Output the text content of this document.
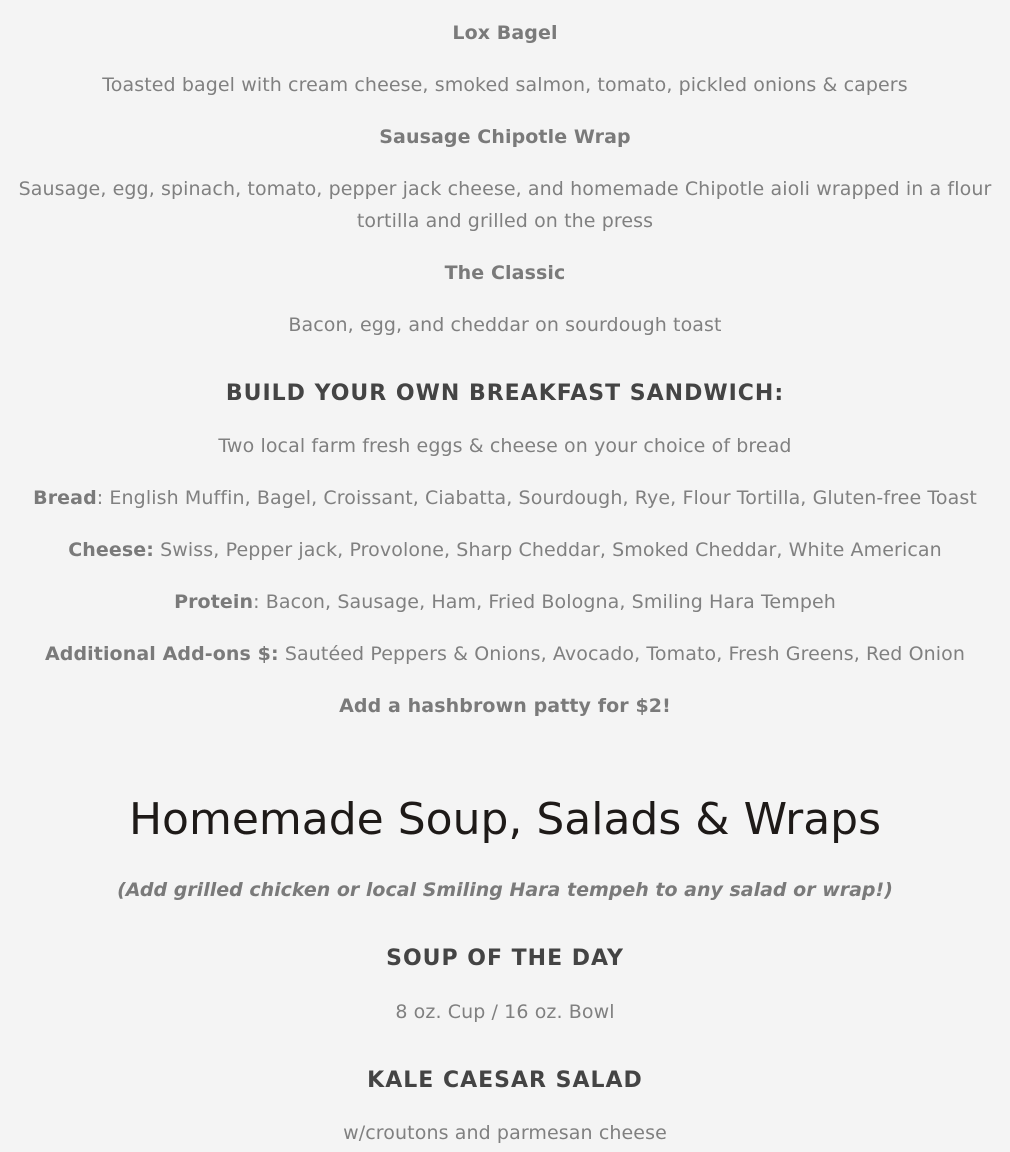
Lox Bagel
Toasted bagel with cream cheese, smoked salmon, tomato, pickled onions & capers
Sausage Chipotle Wrap
Sausage, egg, spinach, tomato, pepper jack cheese, and homemade Chipotle aioli wrapped in a flour tortilla and grilled on the press
The Classic
Bacon, egg, and cheddar on sourdough toast
BUILD YOUR OWN BREAKFAST SANDWICH:
Two local farm fresh eggs & cheese on your choice of bread
Bread: English Muffin, Bagel, Croissant, Ciabatta, Sourdough, Rye, Flour Tortilla, Gluten-free Toast
Cheese: Swiss, Pepper jack, Provolone, Sharp Cheddar, Smoked Cheddar, White American
Protein: Bacon, Sausage, Ham, Fried Bologna, Smiling Hara Tempeh
Additional Add-ons $: Sautéed Peppers & Onions, Avocado, Tomato, Fresh Greens, Red Onion
Add a hashbrown patty for $2!
Homemade Soup, Salads & Wraps
(Add grilled chicken or local Smiling Hara tempeh to any salad or wrap!)
SOUP OF THE DAY
8 oz. Cup / 16 oz. Bowl
KALE CAESAR SALAD
w/croutons and parmesan cheese
